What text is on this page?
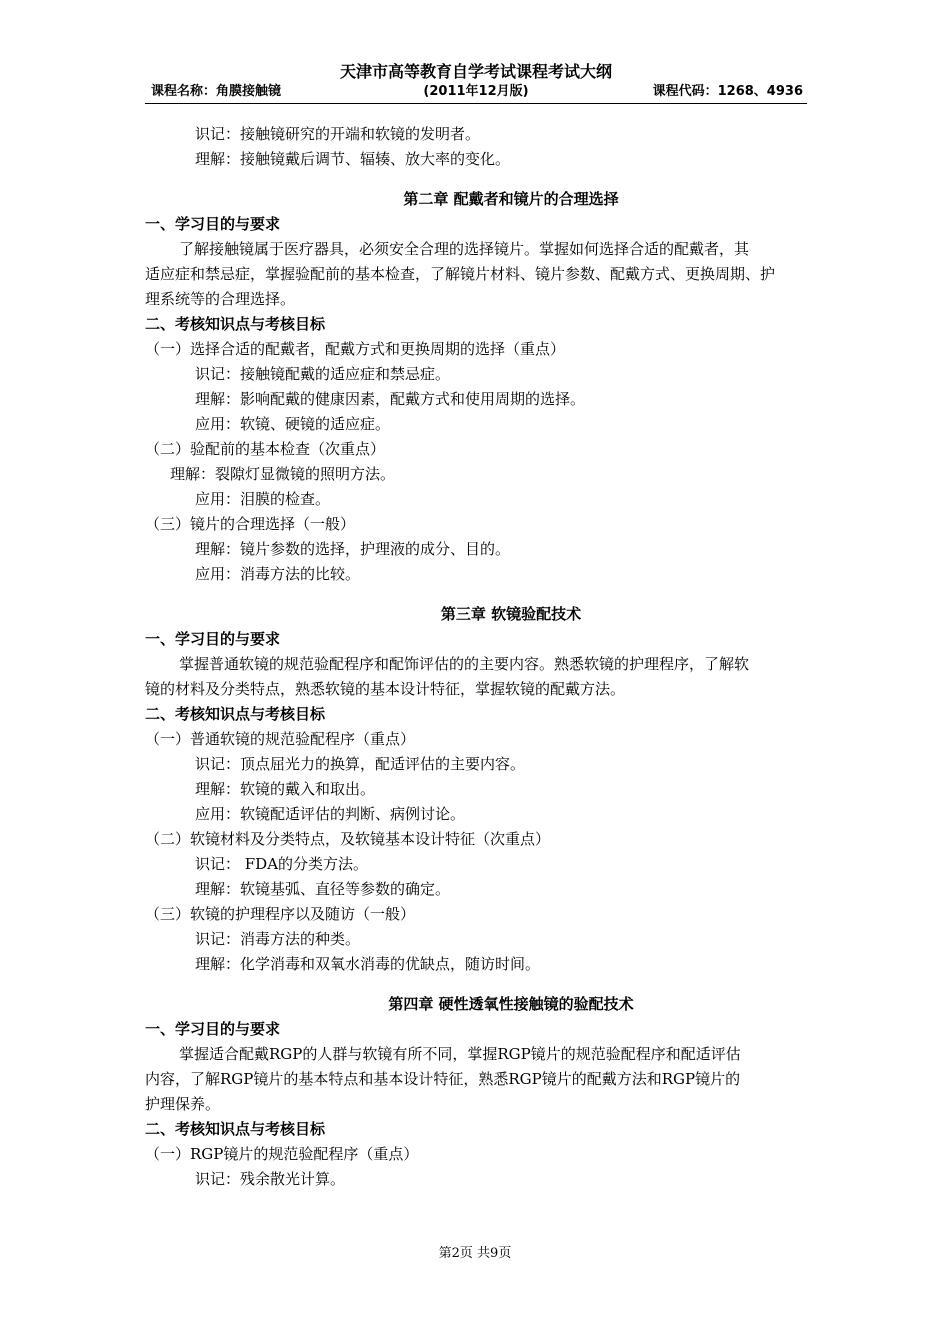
天津市高等教育自学考试课程考试大纲
(2011年12月版)
课程名称：角膜接触镜	课程代码：1268、4936

识记：接触镜研究的开端和软镜的发明者。

理解：接触镜戴后调节、辐辏、放大率的变化。

第二章 配戴者和镜片的合理选择

一、学习目的与要求

了解接触镜属于医疗器具，必须安全合理的选择镜片。掌握如何选择合适的配戴者，其

适应症和禁忌症，掌握验配前的基本检查，了解镜片材料、镜片参数、配戴方式、更换周期、护

理系统等的合理选择。

二、考核知识点与考核目标

（一）选择合适的配戴者，配戴方式和更换周期的选择（重点）

识记：接触镜配戴的适应症和禁忌症。

理解：影响配戴的健康因素，配戴方式和使用周期的选择。

应用：软镜、硬镜的适应症。

（二）验配前的基本检查（次重点）

理解：裂隙灯显微镜的照明方法。

应用：泪膜的检查。

（三）镜片的合理选择（一般）

理解：镜片参数的选择，护理液的成分、目的。

应用：消毒方法的比较。

第三章 软镜验配技术

一、学习目的与要求

掌握普通软镜的规范验配程序和配饰评估的的主要内容。熟悉软镜的护理程序，了解软

镜的材料及分类特点，熟悉软镜的基本设计特征，掌握软镜的配戴方法。

二、考核知识点与考核目标

（一）普通软镜的规范验配程序（重点）

识记：顶点屈光力的换算，配适评估的主要内容。

理解：软镜的戴入和取出。

应用：软镜配适评估的判断、病例讨论。

（二）软镜材料及分类特点，及软镜基本设计特征（次重点）

识记： FDA的分类方法。

理解：软镜基弧、直径等参数的确定。

（三）软镜的护理程序以及随访（一般）

识记：消毒方法的种类。

理解：化学消毒和双氧水消毒的优缺点，随访时间。

第四章 硬性透氧性接触镜的验配技术

一、学习目的与要求

掌握适合配戴RGP的人群与软镜有所不同，掌握RGP镜片的规范验配程序和配适评估

内容，了解RGP镜片的基本特点和基本设计特征，熟悉RGP镜片的配戴方法和RGP镜片的

护理保养。

二、考核知识点与考核目标

（一）RGP镜片的规范验配程序（重点）

识记：残余散光计算。

第2页 共9页
